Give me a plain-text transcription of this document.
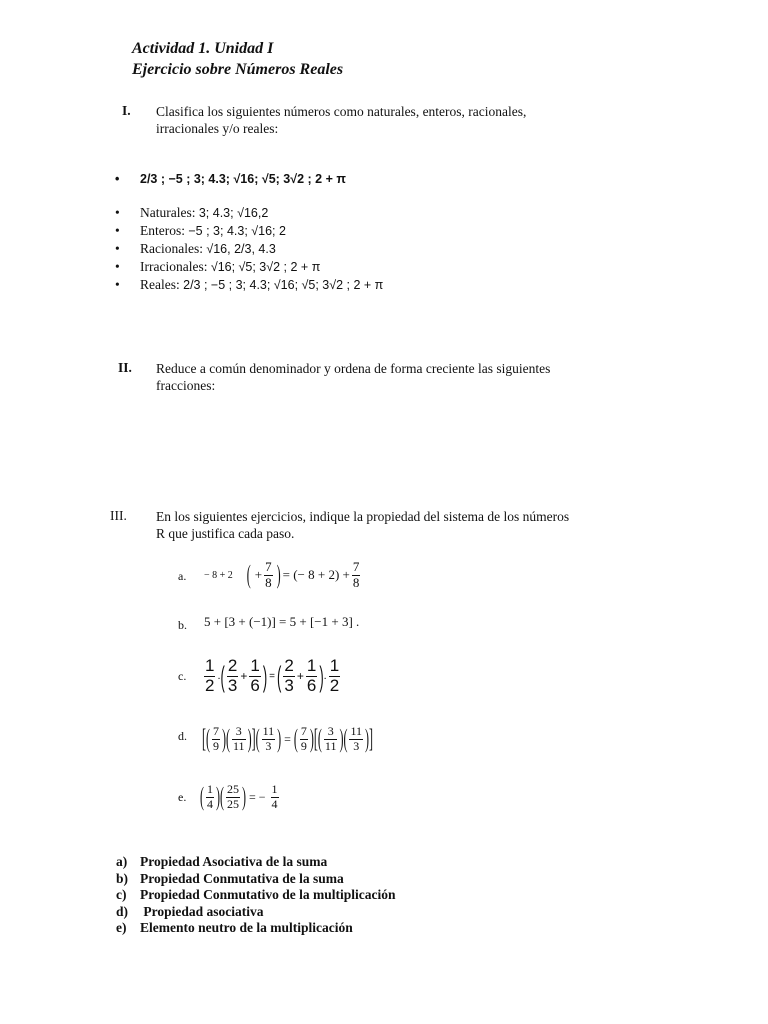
Actividad 1. Unidad I
Ejercicio sobre Números Reales
I. Clasifica los siguientes números como naturales, enteros, racionales,
irracionales y/o reales:
• 2/3 ; −5 ; 3; 4.3; √16; √5; 3√2 ; 2 + π
• Naturales: 3; 4.3; √16,2
• Enteros: −5 ; 3; 4.3; √16; 2
• Racionales: √16, 2/3, 4.3
• Irracionales: √16; √5; 3√2 ; 2 + π
• Reales: 2/3 ; −5 ; 3; 4.3; √16; √5; 3√2 ; 2 + π
II. Reduce a común denominador y ordena de forma creciente las siguientes
fracciones:
III. En los siguientes ejercicios, indique la propiedad del sistema de los números
R que justifica cada paso.
a. − 8 + 2 ( +
7
8 ) = (− 8 + 2) +
7
8
b. 5 + [3 + (−1)] = 5 + [−1 + 3] .
c.
1
2 . ( 2
3 +
1
6 ) = ( 2
3 +
1
6 ) .
1
2
d. [ ( 7
9 ) ( 3
11 ) ] ( 11
3 ) = ( 7
9 ) [ ( 3
11 ) ( 11
3 ) ]
e. ( 1
4 ) ( 25
25 ) = −
1
4
a) Propiedad Asociativa de la suma
b) Propiedad Conmutativa de la suma
c) Propiedad Conmutativo de la multiplicación
d) Propiedad asociativa
e) Elemento neutro de la multiplicación
